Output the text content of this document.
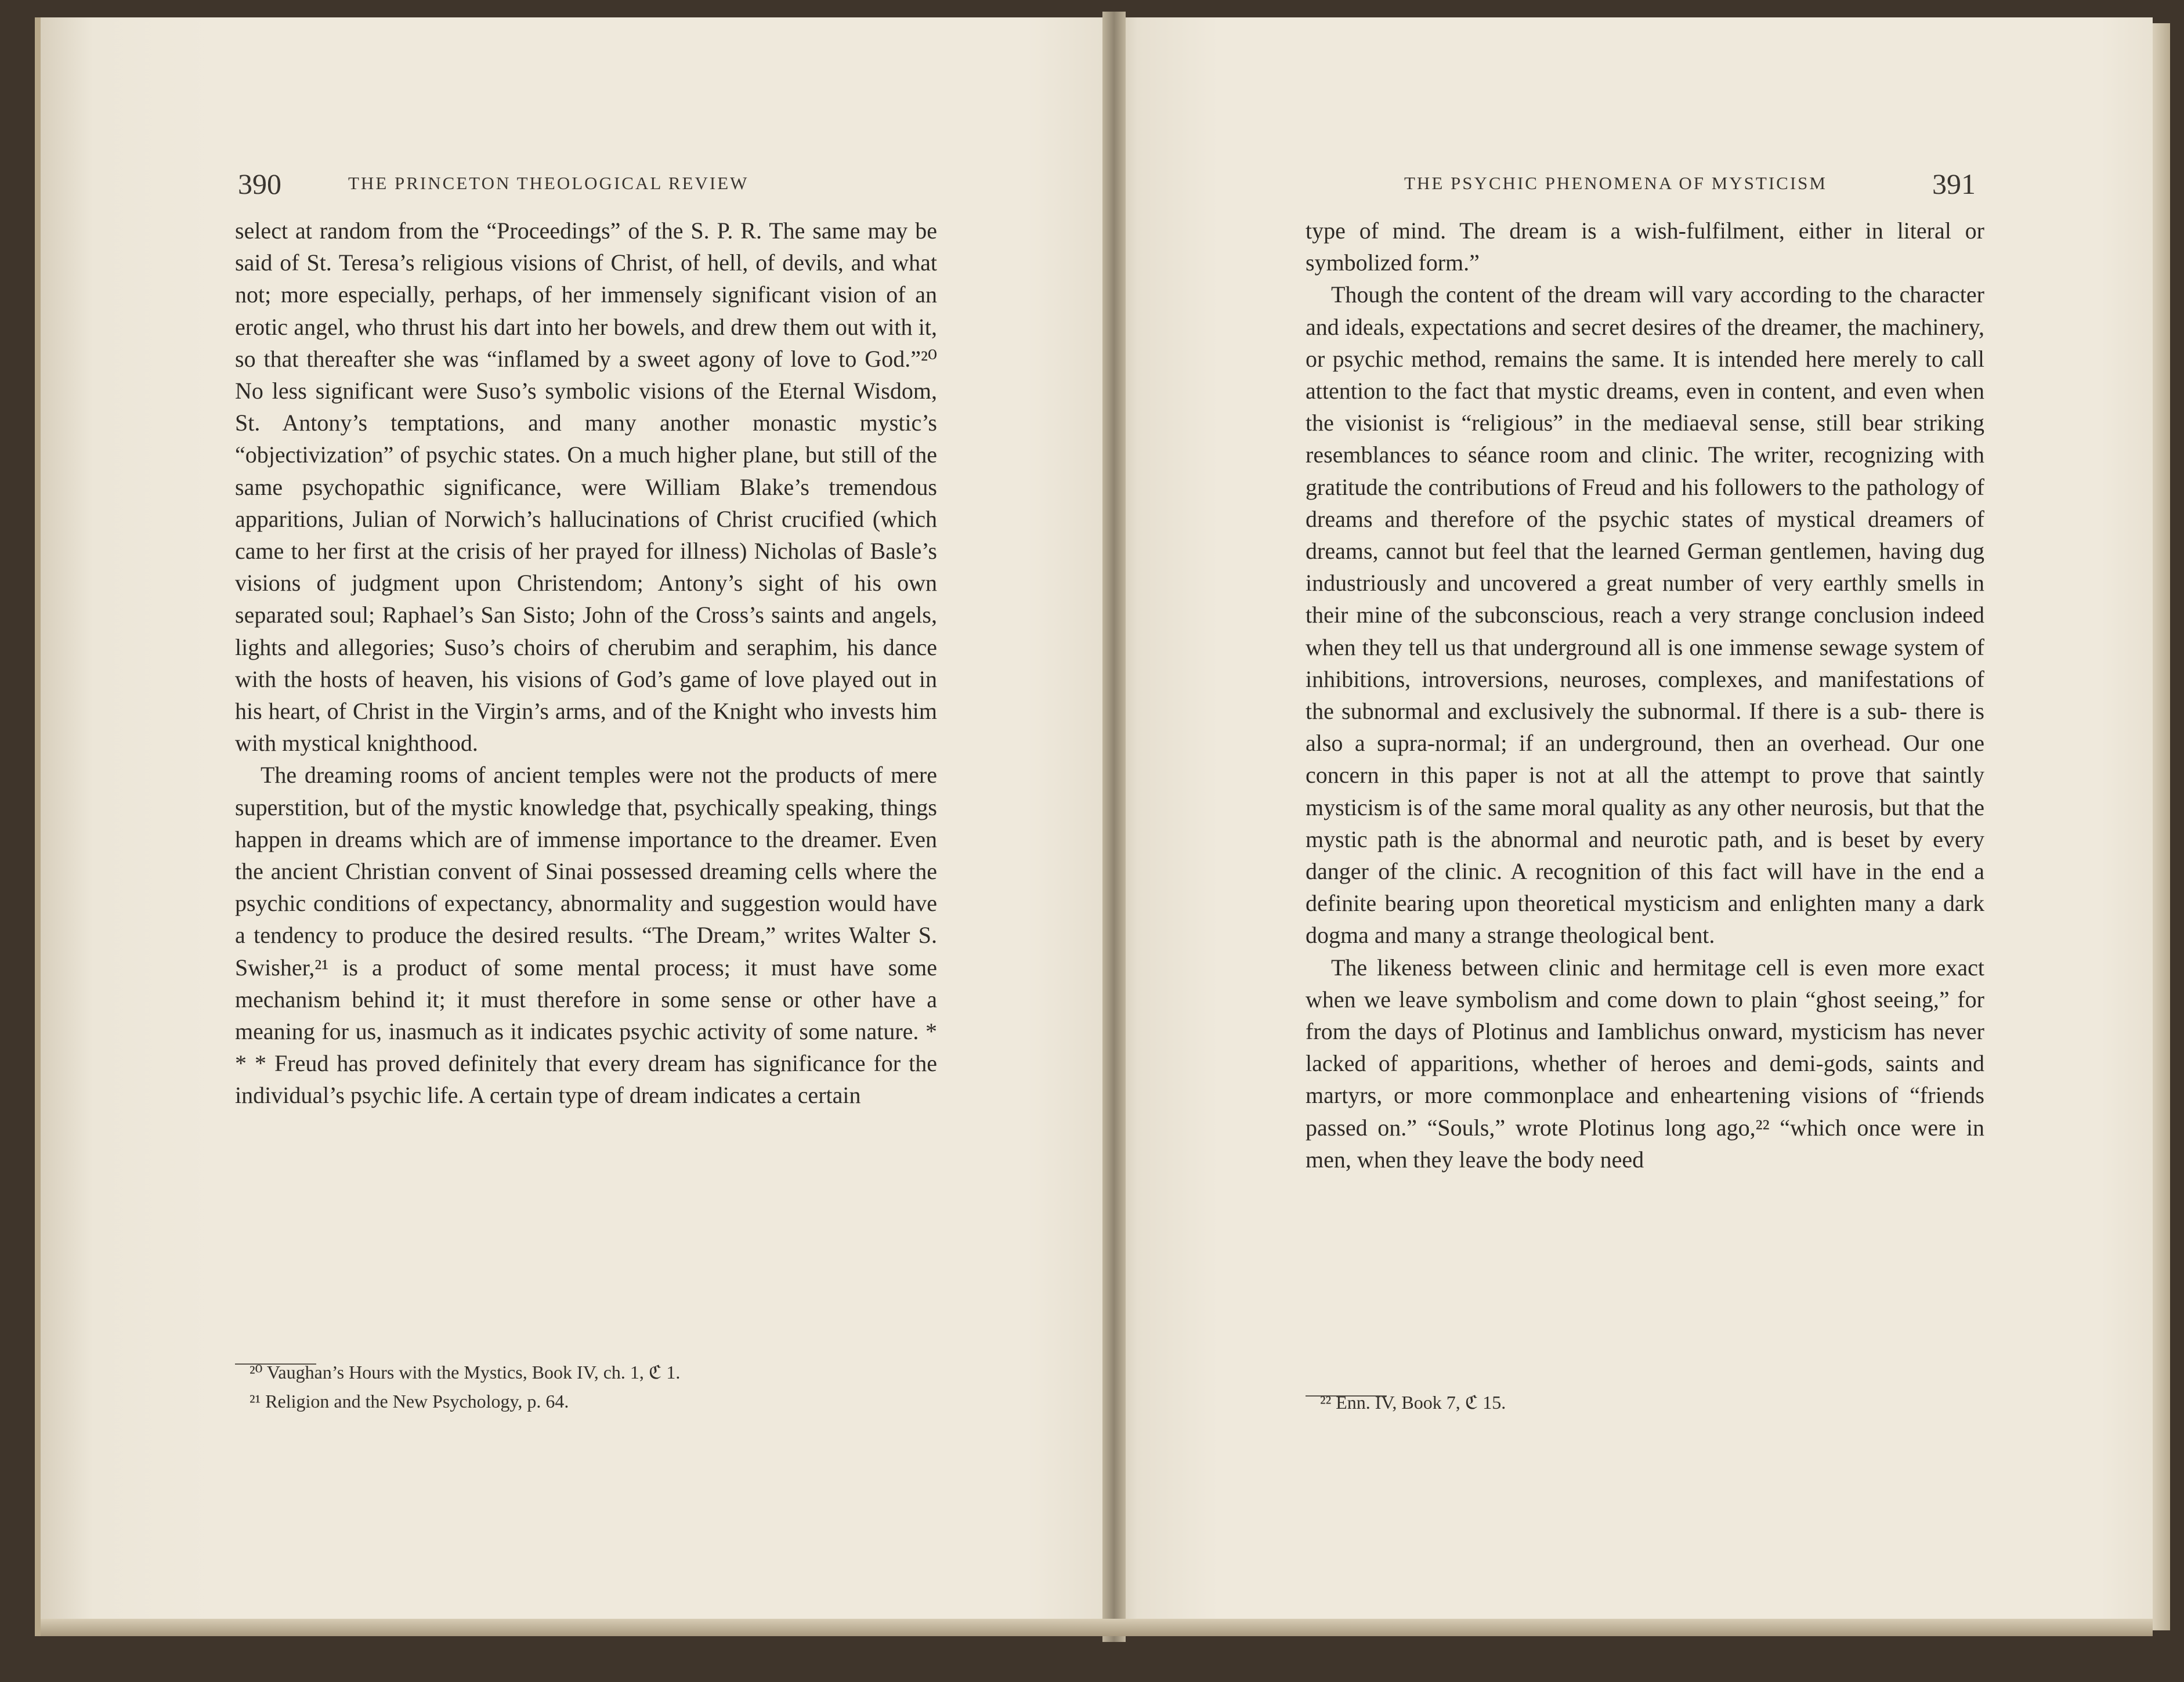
390	THE PRINCETON THEOLOGICAL REVIEW

select at random from the “Proceedings” of the S. P. R. The same may be said of St. Teresa’s religious visions of Christ, of hell, of devils, and what not; more especially, perhaps, of her immensely significant vision of an erotic angel, who thrust his dart into her bowels, and drew them out with it, so that thereafter she was “inflamed by a sweet agony of love to God.”²⁰ No less significant were Suso’s symbolic visions of the Eternal Wisdom, St. Antony’s temptations, and many another monastic mystic’s “objectivization” of psychic states. On a much higher plane, but still of the same psychopathic significance, were William Blake’s tremendous apparitions, Julian of Norwich’s hallucinations of Christ crucified (which came to her first at the crisis of her prayed for illness) Nicholas of Basle’s visions of judgment upon Christendom; Antony’s sight of his own separated soul; Raphael’s San Sisto; John of the Cross’s saints and angels, lights and allegories; Suso’s choirs of cherubim and seraphim, his dance with the hosts of heaven, his visions of God’s game of love played out in his heart, of Christ in the Virgin’s arms, and of the Knight who invests him with mystical knighthood.

The dreaming rooms of ancient temples were not the products of mere superstition, but of the mystic knowledge that, psychically speaking, things happen in dreams which are of immense importance to the dreamer. Even the ancient Christian convent of Sinai possessed dreaming cells where the psychic conditions of expectancy, abnormality and suggestion would have a tendency to produce the desired results. “The Dream,” writes Walter S. Swisher,²¹ is a product of some mental process; it must have some mechanism behind it; it must therefore in some sense or other have a meaning for us, inasmuch as it indicates psychic activity of some nature. * * * Freud has proved definitely that every dream has significance for the individual’s psychic life. A certain type of dream indicates a certain

²⁰ Vaughan’s Hours with the Mystics, Book IV, ch. 1, ℭ 1.
²¹ Religion and the New Psychology, p. 64.
THE PSYCHIC PHENOMENA OF MYSTICISM	391

type of mind. The dream is a wish-fulfilment, either in literal or symbolized form.”

Though the content of the dream will vary according to the character and ideals, expectations and secret desires of the dreamer, the machinery, or psychic method, remains the same. It is intended here merely to call attention to the fact that mystic dreams, even in content, and even when the visionist is “religious” in the mediaeval sense, still bear striking resemblances to séance room and clinic. The writer, recognizing with gratitude the contributions of Freud and his followers to the pathology of dreams and therefore of the psychic states of mystical dreamers of dreams, cannot but feel that the learned German gentlemen, having dug industriously and uncovered a great number of very earthly smells in their mine of the subconscious, reach a very strange conclusion indeed when they tell us that underground all is one immense sewage system of inhibitions, introversions, neuroses, complexes, and manifestations of the subnormal and exclusively the subnormal. If there is a sub- there is also a supra-normal; if an underground, then an overhead. Our one concern in this paper is not at all the attempt to prove that saintly mysticism is of the same moral quality as any other neurosis, but that the mystic path is the abnormal and neurotic path, and is beset by every danger of the clinic. A recognition of this fact will have in the end a definite bearing upon theoretical mysticism and enlighten many a dark dogma and many a strange theological bent.

The likeness between clinic and hermitage cell is even more exact when we leave symbolism and come down to plain “ghost seeing,” for from the days of Plotinus and Iamblichus onward, mysticism has never lacked of apparitions, whether of heroes and demi-gods, saints and martyrs, or more commonplace and enheartening visions of “friends passed on.” “Souls,” wrote Plotinus long ago,²² “which once were in men, when they leave the body need

²² Enn. IV, Book 7, ℭ 15.
